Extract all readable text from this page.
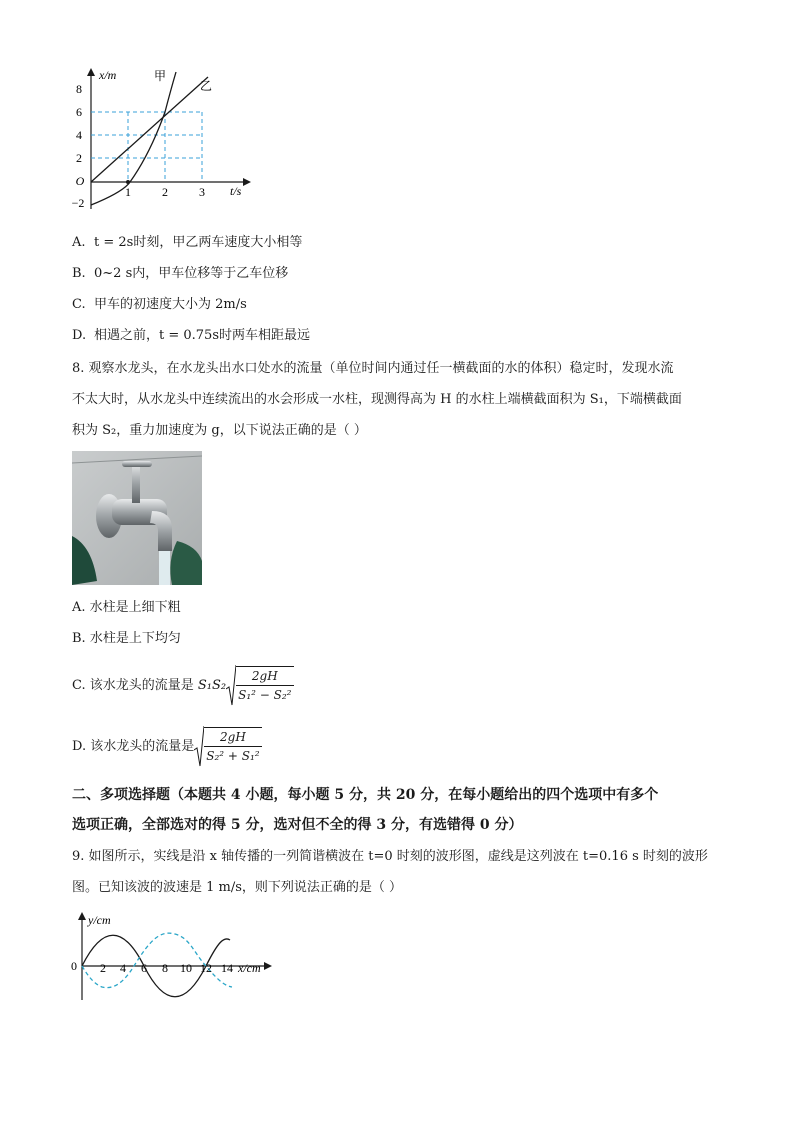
8
6
4
2
−2
O
1	2	3 t/s
x/m	甲
乙
A. t = 2s时刻，甲乙两车速度大小相等
B. 0~2 s内，甲车位移等于乙车位移
C. 甲车的初速度大小为 2m/s
D. 相遇之前，t = 0.75s时两车相距最远
8. 观察水龙头，在水龙头出水口处水的流量（单位时间内通过任一横截面的水的体积）稳定时，发现水流
不太大时，从水龙头中连续流出的水会形成一水柱，现测得高为 H 的水柱上端横截面积为 S₁，下端横截面
积为 S₂，重力加速度为 g，以下说法正确的是（ ）
A. 水柱是上细下粗
B. 水柱是上下均匀
C. 该水龙头的流量是 $S_1S_2 \frac{2gH}{\text{S₁² − S₂²}}$
D. 该水龙头的流量是 $\frac{2gH}{\text{S₂² + S₁²}}$
二、多项选择题（本题共 4 小题，每小题 5 分，共 20 分，在每小题给出的四个选项中有多个
选项正确，全部选对的得 5 分，选对但不全的得 3 分，有选错得 0 分）
9. 如图所示，实线是沿 x 轴传播的一列简谐横波在 t=0 时刻的波形图，虚线是这列波在 t=0.16 s 时刻的波形
图。已知该波的波速是 1 m/s，则下列说法正确的是（ ）
0 2 4 6 8 10 12 14 x/cm
y/cm
